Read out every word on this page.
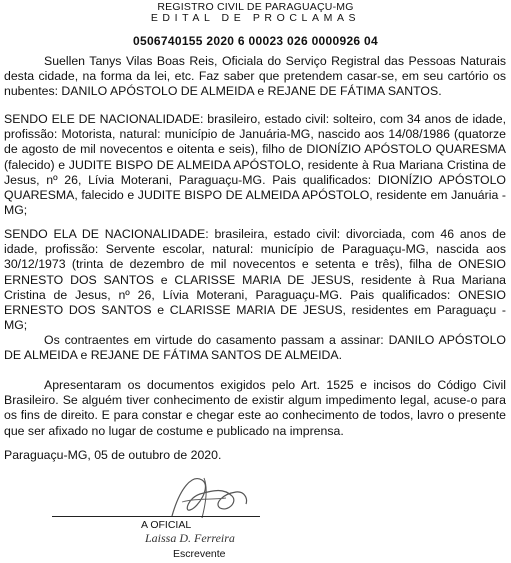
REGISTRO CIVIL DE PARAGUAÇU-MG
EDITAL DE PROCLAMAS
0506740155 2020 6 00023 026 0000926 04
Suellen Tanys Vilas Boas Reis, Oficiala do Serviço Registral das Pessoas Naturais desta cidade, na forma da lei, etc. Faz saber que pretendem casar-se, em seu cartório os nubentes: DANILO APÓSTOLO DE ALMEIDA e REJANE DE FÁTIMA SANTOS.
SENDO ELE DE NACIONALIDADE: brasileiro, estado civil: solteiro, com 34 anos de idade, profissão: Motorista, natural: município de Januária-MG, nascido aos 14/08/1986 (quatorze de agosto de mil novecentos e oitenta e seis), filho de DIONÍZIO APÓSTOLO QUARESMA (falecido) e JUDITE BISPO DE ALMEIDA APÓSTOLO, residente à Rua Mariana Cristina de Jesus, nº 26, Lívia Moterani, Paraguaçu-MG. Pais qualificados: DIONÍZIO APÓSTOLO QUARESMA, falecido e JUDITE BISPO DE ALMEIDA APÓSTOLO, residente em Januária - MG;
SENDO ELA DE NACIONALIDADE: brasileira, estado civil: divorciada, com 46 anos de idade, profissão: Servente escolar, natural: município de Paraguaçu-MG, nascida aos 30/12/1973 (trinta de dezembro de mil novecentos e setenta e três), filha de ONESIO ERNESTO DOS SANTOS e CLARISSE MARIA DE JESUS, residente à Rua Mariana Cristina de Jesus, nº 26, Lívia Moterani, Paraguaçu-MG. Pais qualificados: ONESIO ERNESTO DOS SANTOS e CLARISSE MARIA DE JESUS, residentes em Paraguaçu - MG;
Os contraentes em virtude do casamento passam a assinar: DANILO APÓSTOLO DE ALMEIDA e REJANE DE FÁTIMA SANTOS DE ALMEIDA.
Apresentaram os documentos exigidos pelo Art. 1525 e incisos do Código Civil Brasileiro. Se alguém tiver conhecimento de existir algum impedimento legal, acuse-o para os fins de direito. E para constar e chegar este ao conhecimento de todos, lavro o presente que ser afixado no lugar de costume e publicado na imprensa.
Paraguaçu-MG, 05 de outubro de 2020.
A OFICIAL
Laissa D. Ferreira
Escrevente
